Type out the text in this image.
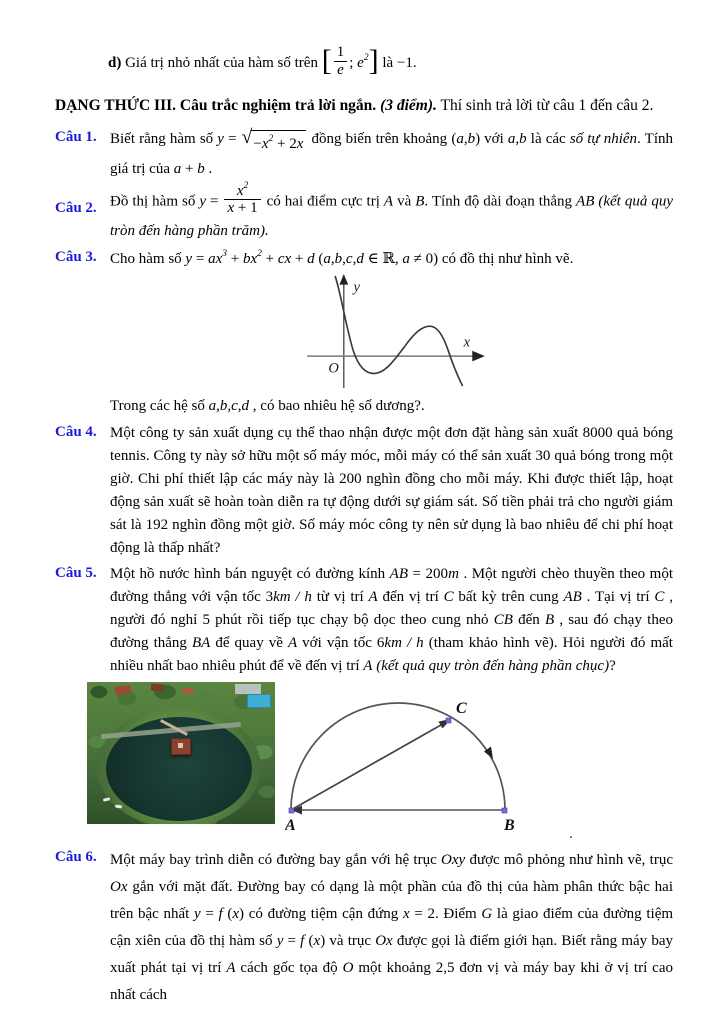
d) Giá trị nhỏ nhất của hàm số trên [ $\frac{1}{e}$ ; $e^2$] là −1.
DẠNG THỨC III. Câu trắc nghiệm trả lời ngắn. (3 điểm). Thí sinh trả lời từ câu 1 đến câu 2.
Câu 1. Biết rằng hàm số y = √ $-x^2 + 2x$ đồng biến trên khoảng (a,b) với a,b là các số tự nhiên. Tính giá trị của a + b .
Câu 2. Đồ thị hàm số $y = \frac{x^2}{x + 1}$ có hai điểm cực trị A và B. Tính độ dài đoạn thẳng AB (kết quả quy tròn đến hàng phần trăm).
Câu 3. Cho hàm số $y = ax^3 + bx^2$ + cx + d (a,b,c,d ∈ ℝ, a ≠ 0) có đồ thị như hình vẽ.
y
x
O
Trong các hệ số a,b,c,d , có bao nhiêu hệ số dương?.
Câu 4. Một công ty sản xuất dụng cụ thể thao nhận được một đơn đặt hàng sản xuất 8000 quả bóng tennis. Công ty này sở hữu một số máy móc, mỗi máy có thể sản xuất 30 quả bóng trong một giờ. Chi phí thiết lập các máy này là 200 nghìn đồng cho mỗi máy. Khi được thiết lập, hoạt động sản xuất sẽ hoàn toàn diễn ra tự động dưới sự giám sát. Số tiền phải trả cho người giám sát là 192 nghìn đồng một giờ. Số máy móc công ty nên sử dụng là bao nhiêu để chi phí hoạt động là thấp nhất?
Câu 5. Một hồ nước hình bán nguyệt có đường kính AB = 200m . Một người chèo thuyền theo một đường thẳng với vận tốc 3km / h từ vị trí A đến vị trí C bất kỳ trên cung AB . Tại vị trí C , người đó nghỉ 5 phút rồi tiếp tục chạy bộ dọc theo cung nhỏ CB đến B , sau đó chạy theo đường thẳng BA để quay về A với vận tốc 6km / h (tham khảo hình vẽ). Hỏi người đó mất nhiều nhất bao nhiêu phút để về đến vị trí A (kết quả quy tròn đến hàng phần chục)?
A	B
C
.
Câu 6. Một máy bay trình diễn có đường bay gắn với hệ trục Oxy được mô phỏng như hình vẽ, trục Ox gắn với mặt đất. Đường bay có dạng là một phần của đồ thị của hàm phân thức bậc hai trên bậc nhất y = f (x) có đường tiệm cận đứng x = 2. Điểm G là giao điểm của đường tiệm cận xiên của đồ thị hàm số y = f (x) và trục Ox được gọi là điểm giới hạn. Biết rằng máy bay xuất phát tại vị trí A cách gốc tọa độ O một khoảng 2,5 đơn vị và máy bay khi ở vị trí cao nhất cách
